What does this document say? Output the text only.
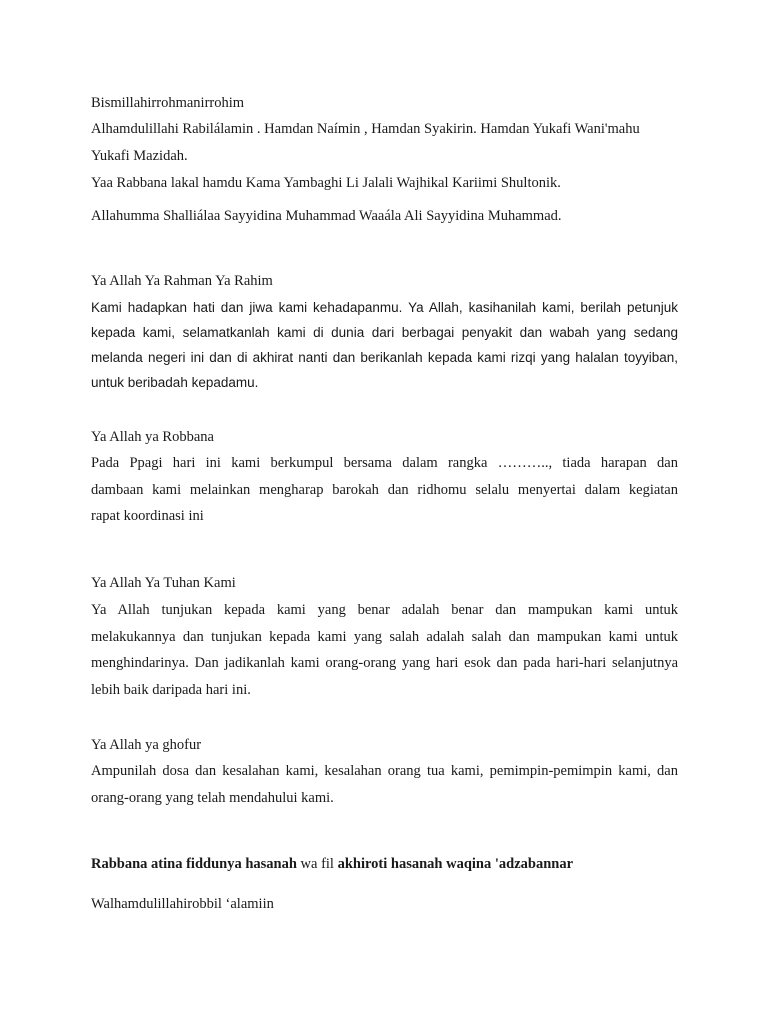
Bismillahirrohmanirrohim

Alhamdulillahi Rabilálamin . Hamdan Naímin , Hamdan Syakirin. Hamdan Yukafi Wani'mahu

Yukafi Mazidah.

Yaa Rabbana lakal hamdu Kama Yambaghi Li Jalali Wajhikal Kariimi Shultonik.

Allahumma Shalliálaa Sayyidina Muhammad Waaála Ali Sayyidina Muhammad.

Ya Allah Ya Rahman Ya Rahim

Kami hadapkan hati dan jiwa kami kehadapanmu. Ya Allah, kasihanilah kami, berilah petunjuk
kepada kami, selamatkanlah kami di dunia dari berbagai penyakit dan wabah yang sedang
melanda negeri ini dan di akhirat nanti dan berikanlah kepada kami rizqi yang halalan toyyiban,
untuk beribadah kepadamu.

Ya Allah ya Robbana

Pada Ppagi hari ini kami berkumpul bersama dalam rangka ……….., tiada harapan dan
dambaan kami melainkan mengharap barokah dan ridhomu selalu menyertai dalam kegiatan
rapat koordinasi ini

Ya Allah Ya Tuhan Kami

Ya Allah tunjukan kepada kami yang benar adalah benar dan mampukan kami untuk
melakukannya dan tunjukan kepada kami yang salah adalah salah dan mampukan kami untuk
menghindarinya. Dan jadikanlah kami orang-orang yang hari esok dan pada hari-hari selanjutnya
lebih baik daripada hari ini.

Ya Allah ya ghofur

Ampunilah dosa dan kesalahan kami, kesalahan orang tua kami, pemimpin-pemimpin kami, dan
orang-orang yang telah mendahului kami.

Rabbana atina fiddunya hasanah wa fil akhiroti hasanah waqina 'adzabannar

Walhamdulillahirobbil ‘alamiin
